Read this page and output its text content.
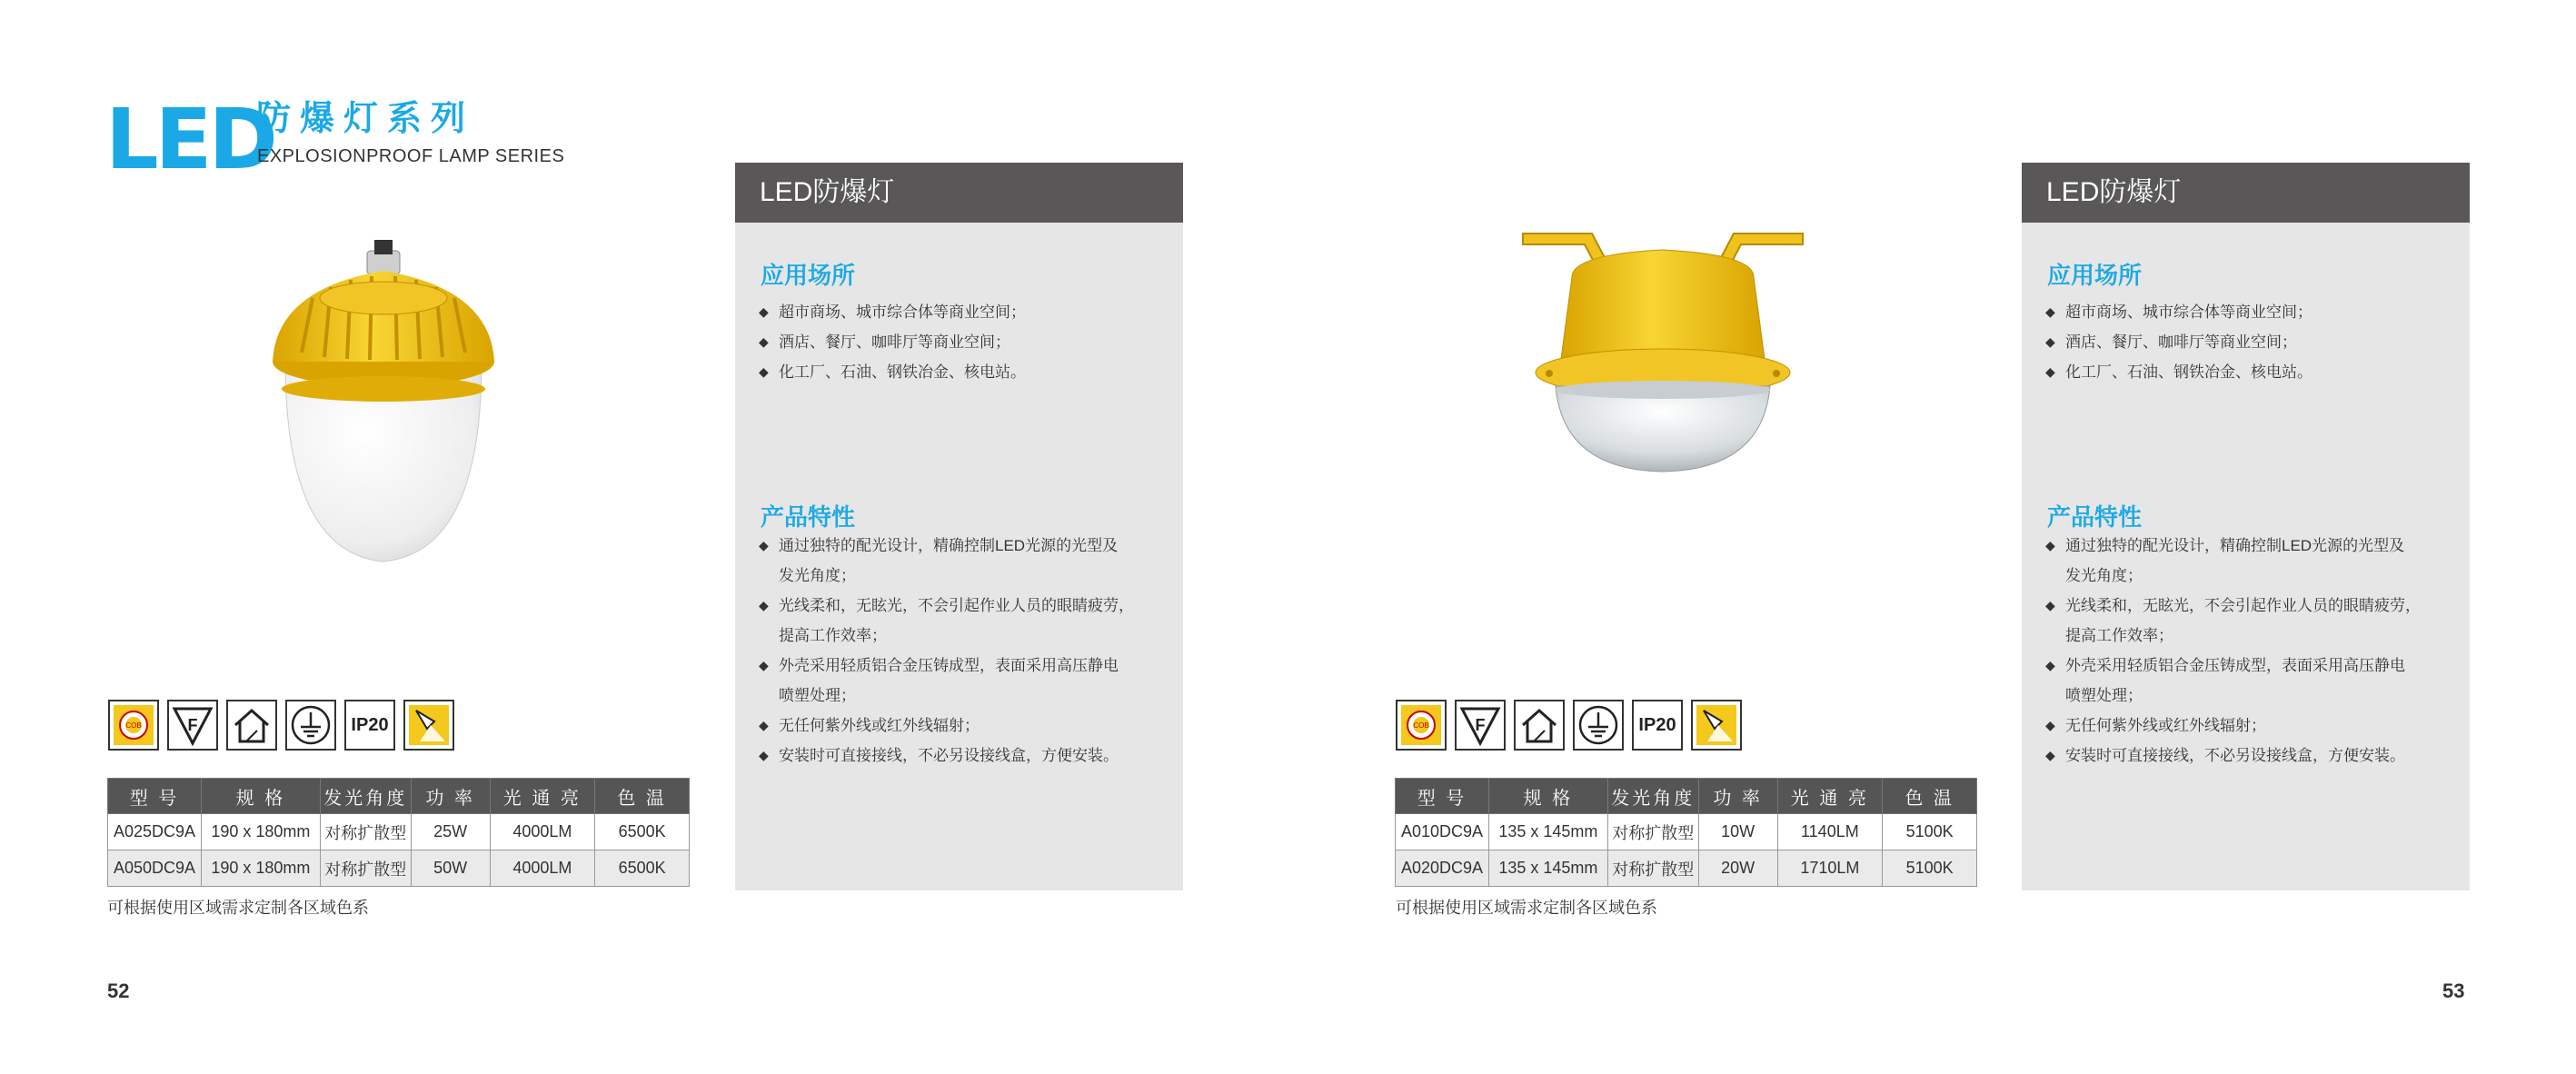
LED
防爆灯系列
EXPLOSIONPROOF LAMP SERIES
COB	F	IP20
型 号	规 格	发光角度	功 率	光 通 亮	色 温
A025DC9A	190 x 180mm	对称扩散型	25W	4000LM	6500K
A050DC9A	190 x 180mm	对称扩散型	50W	4000LM	6500K
可根据使用区域需求定制各区域色系
52
LED防爆灯
应用场所
◆ 超市商场、城市综合体等商业空间；
◆ 酒店、餐厅、咖啡厅等商业空间；
◆ 化工厂、石油、钢铁冶金、核电站。
产品特性
◆ 通过独特的配光设计，精确控制LED光源的光型及
发光角度；
◆ 光线柔和，无眩光，不会引起作业人员的眼睛疲劳，
提高工作效率；
◆ 外壳采用轻质铝合金压铸成型，表面采用高压静电
喷塑处理；
◆ 无任何紫外线或红外线辐射；
◆ 安装时可直接接线，不必另设接线盒，方便安装。
COB	F	IP20
型 号	规 格	发光角度	功 率	光 通 亮	色 温
A010DC9A	135 x 145mm	对称扩散型	10W	1140LM	5100K
A020DC9A	135 x 145mm	对称扩散型	20W	1710LM	5100K
可根据使用区域需求定制各区域色系
53
LED防爆灯
应用场所
◆ 超市商场、城市综合体等商业空间；
◆ 酒店、餐厅、咖啡厅等商业空间；
◆ 化工厂、石油、钢铁冶金、核电站。
产品特性
◆ 通过独特的配光设计，精确控制LED光源的光型及
发光角度；
◆ 光线柔和，无眩光，不会引起作业人员的眼睛疲劳，
提高工作效率；
◆ 外壳采用轻质铝合金压铸成型，表面采用高压静电
喷塑处理；
◆ 无任何紫外线或红外线辐射；
◆ 安装时可直接接线，不必另设接线盒，方便安装。
